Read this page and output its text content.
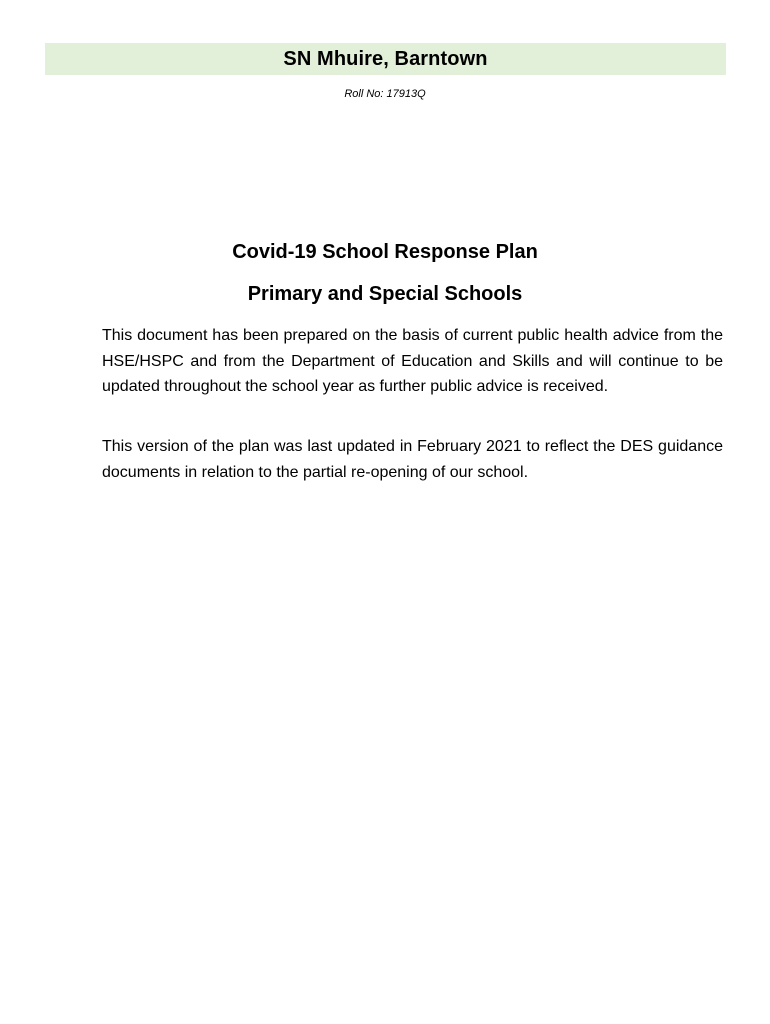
SN Mhuire, Barntown
Roll No: 17913Q
Covid-19 School Response Plan
Primary and Special Schools

This document has been prepared on the basis of current public health advice from the HSE/HSPC and from the Department of Education and Skills and will continue to be updated throughout the school year as further public advice is received.

This version of the plan was last updated in February 2021 to reflect the DES guidance documents in relation to the partial re-opening of our school.
